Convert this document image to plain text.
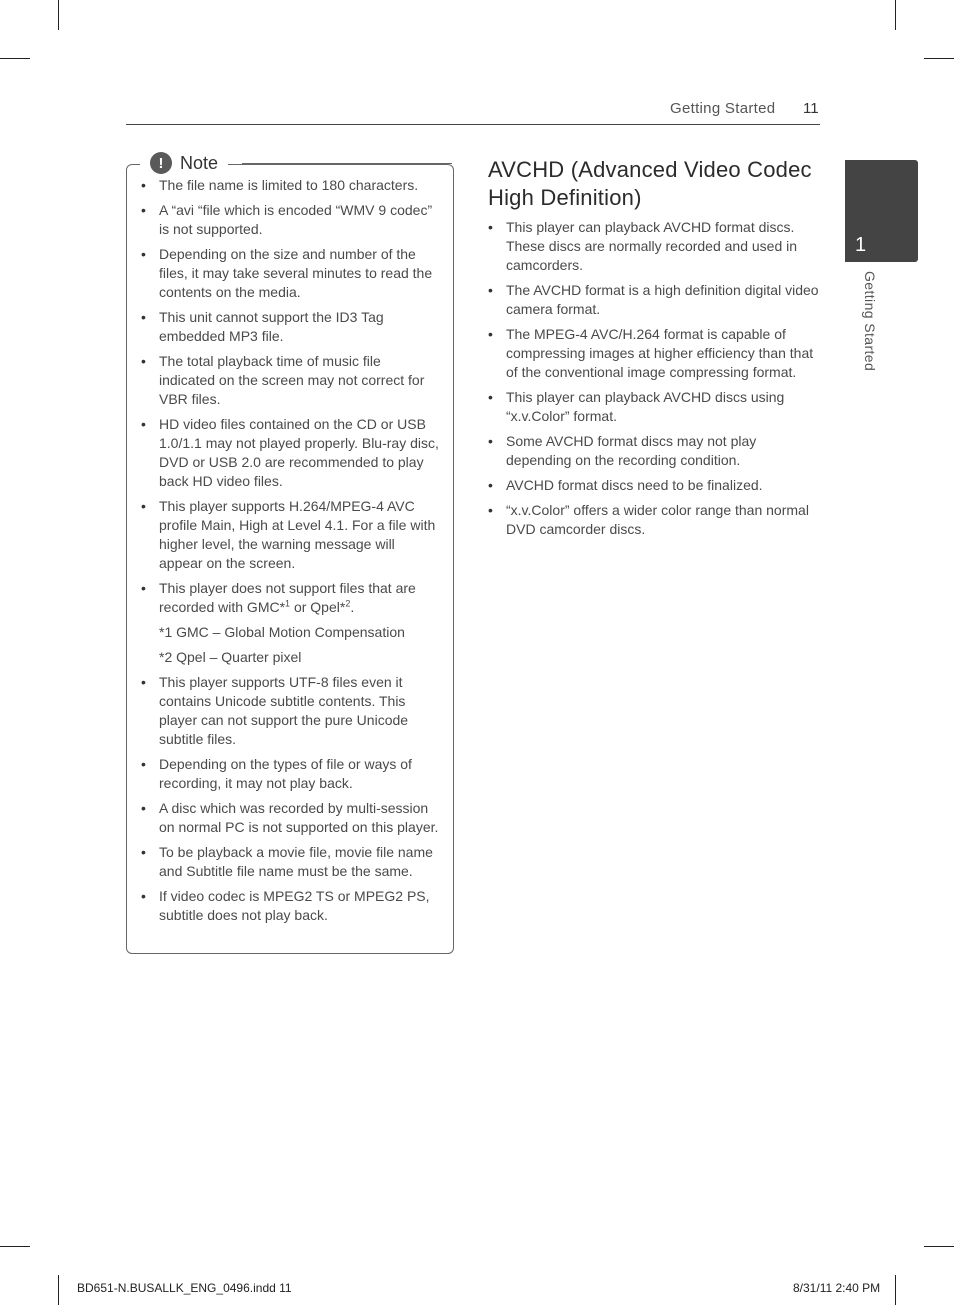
Getting Started 11
1
Getting Started
! Note
• The file name is limited to 180 characters.
• A “avi “file which is encoded “WMV 9 codec” is not supported.
• Depending on the size and number of the files, it may take several minutes to read the contents on the media.
• This unit cannot support the ID3 Tag embedded MP3 file.
• The total playback time of music file indicated on the screen may not correct for VBR files.
• HD video files contained on the CD or USB 1.0/1.1 may not played properly. Blu-ray disc, DVD or USB 2.0 are recommended to play back HD video files.
• This player supports H.264/MPEG-4 AVC profile Main, High at Level 4.1. For a file with higher level, the warning message will appear on the screen.
• This player does not support files that are recorded with GMC*$^1$ or Qpel*$^2$.
*1 GMC – Global Motion Compensation
*2 Qpel – Quarter pixel
• This player supports UTF-8 files even it contains Unicode subtitle contents. This player can not support the pure Unicode subtitle files.
• Depending on the types of file or ways of recording, it may not play back.
• A disc which was recorded by multi-session on normal PC is not supported on this player.
• To be playback a movie file, movie file name and Subtitle file name must be the same.
• If video codec is MPEG2 TS or MPEG2 PS, subtitle does not play back.
AVCHD (Advanced Video Codec High Definition)
• This player can playback AVCHD format discs. These discs are normally recorded and used in camcorders.
• The AVCHD format is a high definition digital video camera format.
• The MPEG-4 AVC/H.264 format is capable of compressing images at higher efficiency than that of the conventional image compressing format.
• This player can playback AVCHD discs using “x.v.Color” format.
• Some AVCHD format discs may not play depending on the recording condition.
• AVCHD format discs need to be finalized.
• “x.v.Color” offers a wider color range than normal DVD camcorder discs.
BD651-N.BUSALLK_ENG_0496.indd 11	8/31/11 2:40 PM
